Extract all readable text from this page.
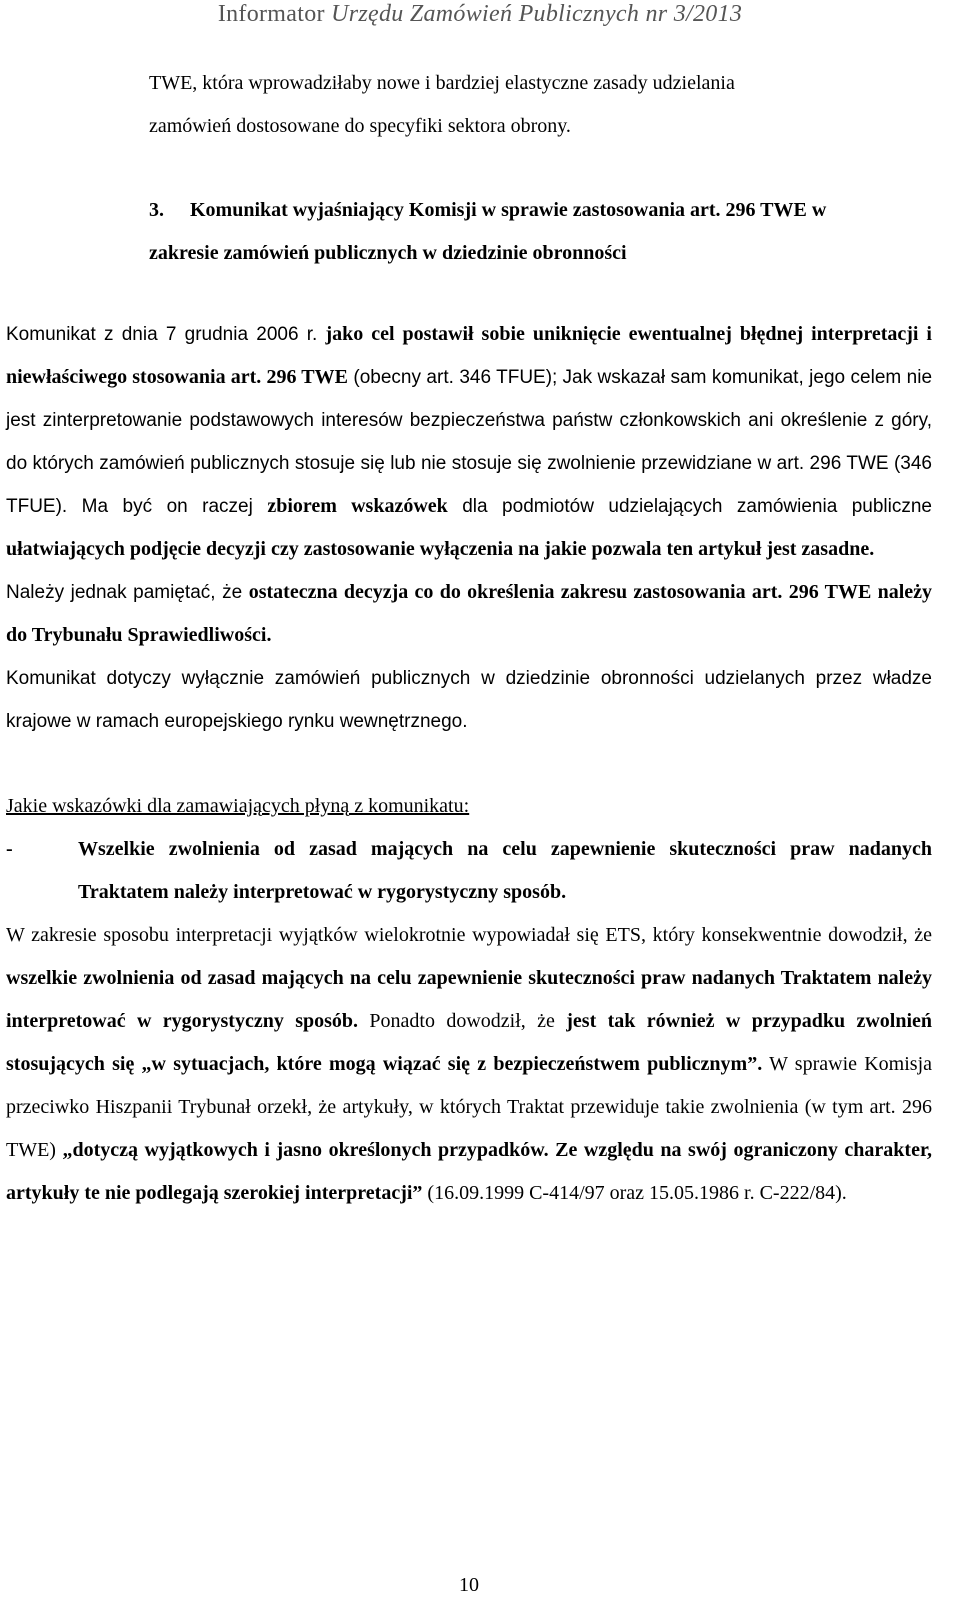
Informator Urzędu Zamówień Publicznych nr 3/2013

TWE, która wprowadziłaby nowe i bardziej elastyczne zasady udzielania
zamówień dostosowane do specyfiki sektora obrony.

3. Komunikat wyjaśniający Komisji w sprawie zastosowania art. 296 TWE w
zakresie zamówień publicznych w dziedzinie obronności

Komunikat z dnia 7 grudnia 2006 r. jako cel postawił sobie uniknięcie ewentualnej błędnej interpretacji i niewłaściwego stosowania art. 296 TWE (obecny art. 346 TFUE); Jak wskazał sam komunikat, jego celem nie jest zinterpretowanie podstawowych interesów bezpieczeństwa państw członkowskich ani określenie z góry, do których zamówień publicznych stosuje się lub nie stosuje się zwolnienie przewidziane w art. 296 TWE (346 TFUE). Ma być on raczej zbiorem wskazówek dla podmiotów udzielających zamówienia publiczne ułatwiających podjęcie decyzji czy zastosowanie wyłączenia na jakie pozwala ten artykuł jest zasadne.

Należy jednak pamiętać, że ostateczna decyzja co do określenia zakresu zastosowania art. 296 TWE należy do Trybunału Sprawiedliwości.

Komunikat dotyczy wyłącznie zamówień publicznych w dziedzinie obronności udzielanych przez władze krajowe w ramach europejskiego rynku wewnętrznego.

Jakie wskazówki dla zamawiających płyną z komunikatu:

-	Wszelkie zwolnienia od zasad mających na celu zapewnienie skuteczności praw nadanych Traktatem należy interpretować w rygorystyczny sposób.

W zakresie sposobu interpretacji wyjątków wielokrotnie wypowiadał się ETS, który konsekwentnie dowodził, że wszelkie zwolnienia od zasad mających na celu zapewnienie skuteczności praw nadanych Traktatem należy interpretować w rygorystyczny sposób. Ponadto dowodził, że jest tak również w przypadku zwolnień stosujących się „w sytuacjach, które mogą wiązać się z bezpieczeństwem publicznym”. W sprawie Komisja przeciwko Hiszpanii Trybunał orzekł, że artykuły, w których Traktat przewiduje takie zwolnienia (w tym art. 296 TWE) „dotyczą wyjątkowych i jasno określonych przypadków. Ze względu na swój ograniczony charakter, artykuły te nie podlegają szerokiej interpretacji” (16.09.1999 C-414/97 oraz 15.05.1986 r. C-222/84).

10
